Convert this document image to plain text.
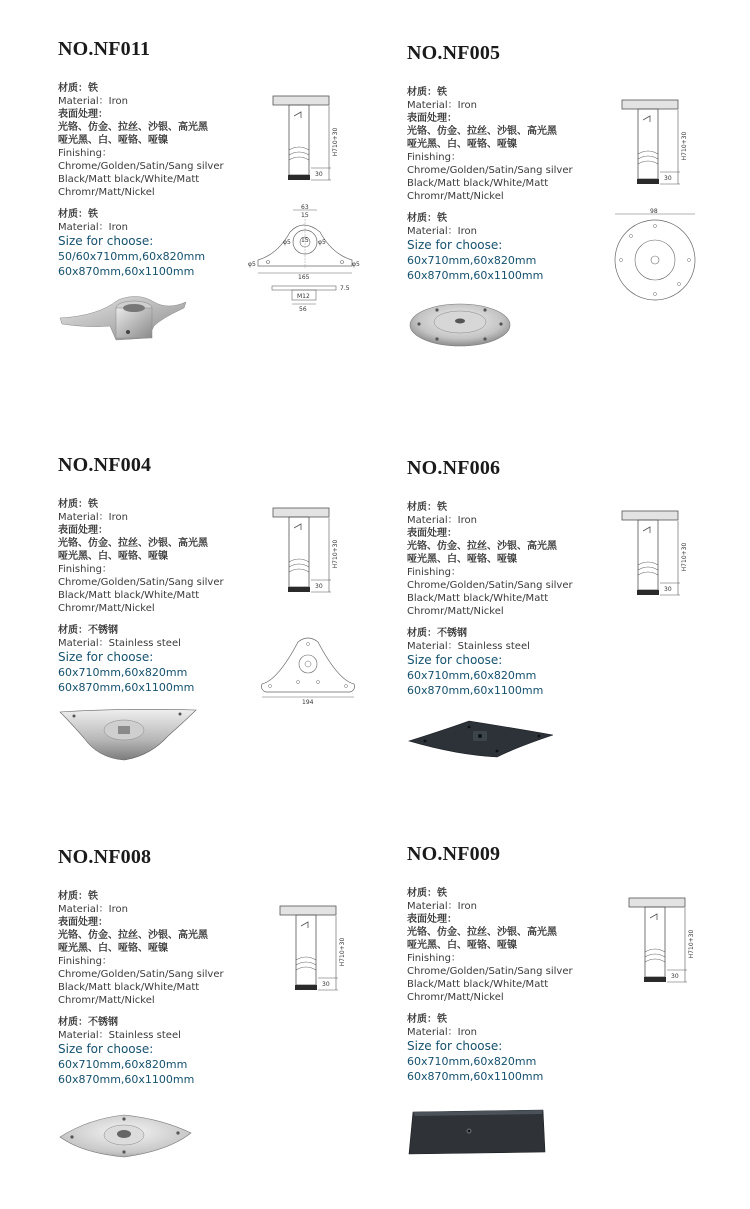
NO.NF011
材质：铁
Material：Iron
表面处理：
光铬、仿金、拉丝、沙银、高光黑
哑光黑、白、哑铬、哑镍
Finishing：
Chrome/Golden/Satin/Sang silver
Black/Matt black/White/Matt
Chromr/Matt/Nickel
材质：铁
Material：Iron
Size for choose:
50/60x710mm,60x820mm
60x870mm,60x1100mm
H710+30
30
63
15
15
φ5	φ5
φ5	φ5
165
7.5
M12
56
NO.NF005
材质：铁
Material：Iron
表面处理：
光铬、仿金、拉丝、沙银、高光黑
哑光黑、白、哑铬、哑镍
Finishing：
Chrome/Golden/Satin/Sang silver
Black/Matt black/White/Matt
Chromr/Matt/Nickel
材质：铁
Material：Iron
Size for choose:
60x710mm,60x820mm
60x870mm,60x1100mm
H710+30
30
98
NO.NF004
材质：铁
Material：Iron
表面处理：
光铬、仿金、拉丝、沙银、高光黑
哑光黑、白、哑铬、哑镍
Finishing：
Chrome/Golden/Satin/Sang silver
Black/Matt black/White/Matt
Chromr/Matt/Nickel
材质：不锈钢
Material：Stainless steel
Size for choose:
60x710mm,60x820mm
60x870mm,60x1100mm
H710+30
30
194
NO.NF006
材质：铁
Material：Iron
表面处理：
光铬、仿金、拉丝、沙银、高光黑
哑光黑、白、哑铬、哑镍
Finishing：
Chrome/Golden/Satin/Sang silver
Black/Matt black/White/Matt
Chromr/Matt/Nickel
材质：不锈钢
Material：Stainless steel
Size for choose:
60x710mm,60x820mm
60x870mm,60x1100mm
H710+30
30
NO.NF008
材质：铁
Material：Iron
表面处理：
光铬、仿金、拉丝、沙银、高光黑
哑光黑、白、哑铬、哑镍
Finishing：
Chrome/Golden/Satin/Sang silver
Black/Matt black/White/Matt
Chromr/Matt/Nickel
材质：不锈钢
Material：Stainless steel
Size for choose:
60x710mm,60x820mm
60x870mm,60x1100mm
H710+30
30
NO.NF009
材质：铁
Material：Iron
表面处理：
光铬、仿金、拉丝、沙银、高光黑
哑光黑、白、哑铬、哑镍
Finishing：
Chrome/Golden/Satin/Sang silver
Black/Matt black/White/Matt
Chromr/Matt/Nickel
材质：铁
Material：Iron
Size for choose:
60x710mm,60x820mm
60x870mm,60x1100mm
H710+30
30
